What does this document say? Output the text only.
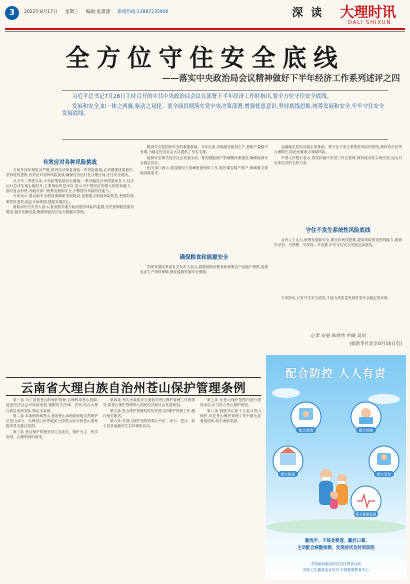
3	2022年8月17日 星期三 编辑:张潇潇 新闻热线:13887235906	深 读 大理时讯
DALI SHIXUN
全方位守住安全底线
——落实中央政治局会议精神做好下半年经济工作系列述评之四

习近平总书记7月28日主持召开的中共中央政治局会议在部署下半年经济工作时指出,要全方位守住安全底线。

发展和安全,如一体之两翼,驱动之双轮。要全面贯彻落实党中央决策部署,增强忧患意识,坚持底线思维,统筹发展和安全,牢牢守住安全发展底线。

有效应对各种风险挑战
确保粮食和能源安全
守住不发生系统性风险底线

当前外部环境复杂严峻,国内经济恢复面临一些风险挑战,必须增强忧患意识,坚持底线思维,有效应对各种风险挑战,确保经济运行在合理区间,守住安全底线。

从今年二季度以来,多项政策陆续出台落地,一系列稳经济举措靠前发力,经济运行总体实现企稳回升,主要指标恢复向好,显示出中国经济的强大韧性和潜力。面对复杂形势,各地各部门统筹发展和安全,不断提升风险防控能力。

专家表示,要以新安全格局保障新发展格局,加强重点领域风险防控,把握好政策的时度效,稳定市场预期,提振发展信心。

财政部有关负责人表示,将加强对地方政府债务风险的监测,坚决遏制隐性债务增量,稳妥化解存量,确保财政经济运行稳健可持续。

粮食安全是国家安全的重要基础。今年以来,各地抓好粮食生产,夏粮产量稳中有增,为稳定经济社会大局提供了坚实支撑。

能源安全事关经济社会发展全局。要加强能源产供储销体系建设,确保能源安全稳定供应。

相关部门表示,将加强电力迎峰度夏保供工作,做好煤炭稳产增产,保障重点领域用能需求。

国家发展改革委有关负责人表示,将继续做好粮食和重要农产品稳产保供,加强农业生产资料保障,强化能源资源安全保障。

金融稳定是经济稳定的基础。要守住不发生系统性风险的底线,保持货币信贷合理增长,防范化解重点领域风险。

中国人民银行表示,将坚持稳中求进工作总基调,保持流动性合理充裕,加大对实体经济的支持力度。

业内人士认为,统筹发展和安全,要坚持底线思维,提高风险预见预判能力,做到早识别、早预警、早发现、早处置,牢牢守住安全发展这条底线。

专家指出,只有守住安全底线,才能为高质量发展营造安全稳定的环境。

记者 安蓓 陈炜伟 申铖 吴雨
(据新华社北京8月16日电)
云南省大理白族自治州苍山保护管理条例

第一条 为了加强苍山的保护管理,合理利用苍山资源,促进经济社会可持续发展,根据有关法律、法规,结合大理白族自治州实际,制定本条例。

第二条 本条例所称苍山,是指苍山洱海国家级自然保护区苍山部分、大理苍山世界地质公园苍山部分和苍山国家级风景名胜区范围。

第三条 苍山保护管理坚持生态优先、保护为主、科学规划、合理利用的原则。

第四条 州人民政府应当加强对苍山保护管理工作的领导,将苍山保护管理纳入国民经济和社会发展规划。

第五条 苍山保护管理机构负责苍山的保护管理工作,履行相关职责。

第六条 在苍山保护范围内禁止开矿、采石、挖沙、取土及其他破坏生态环境的活动。

第七条 在苍山保护范围内进行建设活动,应当符合苍山保护规划。

第八条 鼓励单位和个人参与苍山保护,对在苍山保护管理工作中做出显著成绩的,给予表彰奖励。

配合防控 人人有责
配合流调	配合核酸
配合隔离	配合管控
配合健康监测
勤洗手、干咳身要遮、戴好口罩,
主动配合核酸检测、发现症状及时到医院
中国新冠肺炎防控宣传教育活动
国家卫生健康委宣传司 中国健康教育中心
